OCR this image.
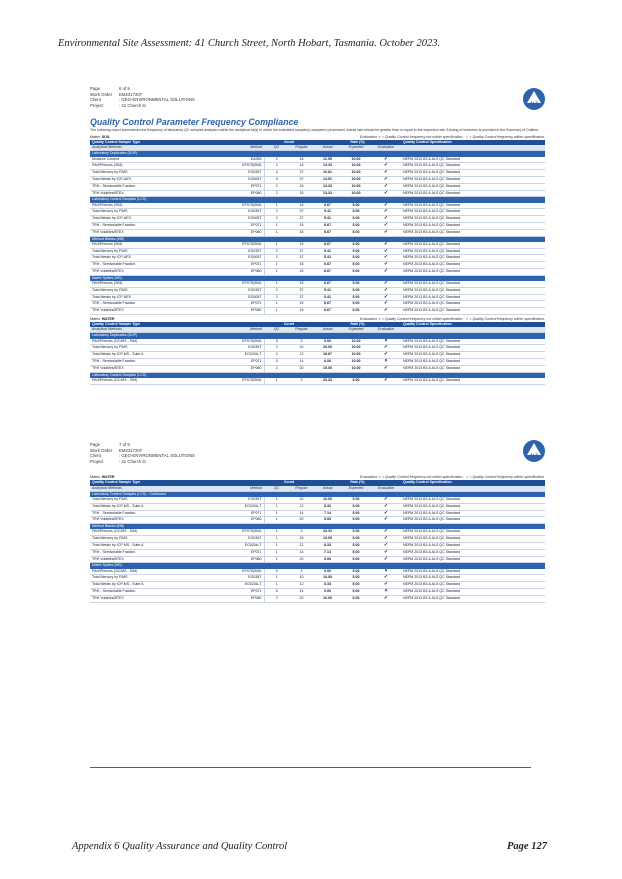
Environmental Site Assessment: 41 Church Street, North Hobart, Tasmania. October 2023.
ALS
Page	6 of 9
Work Order	EM2317207
Client	: GEO-ENVIRONMENTAL SOLUTIONS
Project	: 41 Church st
Quality Control Parameter Frequency Compliance
The following report summarises the frequency of laboratory QC samples analysed within the analytical lot(s) in which the submitted sample(s) was(were) processed. Actual rate should be greater than or equal to the expected rate. A listing of breaches is provided in the Summary of Outliers.
Matrix: SOIL	Evaluation: × = Quality Control frequency not within specification ; ✓ = Quality Control frequency within specification.
Quality Control Sample Type		Count		Rate (%)			Quality Control Specification
Analytical Methods	Method	QC	Regular	Actual	Expected	Evaluation	
Laboratory Duplicates (DUP)							
Moisture Content	EA055	2	16	12.50	10.00	✓	NEPM 2013 B3 & ALS QC Standard
PAH/Phenols (SIM)	EP075(SIM)	2	15	13.33	10.00	✓	NEPM 2013 B3 & ALS QC Standard
Total Mercury by FIMS	EG035T	4	37	10.81	10.00	✓	NEPM 2013 B3 & ALS QC Standard
Total Metals by ICP-AES	EG005T	5	37	13.51	10.00	✓	NEPM 2013 B3 & ALS QC Standard
TRH - Semivolatile Fraction	EP071	2	15	13.33	10.00	✓	NEPM 2013 B3 & ALS QC Standard
TRH Volatiles/BTEX	EP080	2	15	13.33	10.00	✓	NEPM 2013 B3 & ALS QC Standard
Laboratory Control Samples (LCS)							
PAH/Phenols (SIM)	EP075(SIM)	1	15	6.67	5.00	✓	NEPM 2013 B3 & ALS QC Standard
Total Mercury by FIMS	EG035T	2	37	5.41	5.00	✓	NEPM 2013 B3 & ALS QC Standard
Total Metals by ICP-AES	EG005T	2	37	5.41	5.00	✓	NEPM 2013 B3 & ALS QC Standard
TRH - Semivolatile Fraction	EP071	1	15	6.67	5.00	✓	NEPM 2013 B3 & ALS QC Standard
TRH Volatiles/BTEX	EP080	1	15	6.67	5.00	✓	NEPM 2013 B3 & ALS QC Standard
Method Blanks (MB)							
PAH/Phenols (SIM)	EP075(SIM)	1	15	6.67	5.00	✓	NEPM 2013 B3 & ALS QC Standard
Total Mercury by FIMS	EG035T	2	37	5.41	5.00	✓	NEPM 2013 B3 & ALS QC Standard
Total Metals by ICP-AES	EG005T	2	37	5.41	5.00	✓	NEPM 2013 B3 & ALS QC Standard
TRH - Semivolatile Fraction	EP071	1	15	6.67	5.00	✓	NEPM 2013 B3 & ALS QC Standard
TRH Volatiles/BTEX	EP080	1	15	6.67	5.00	✓	NEPM 2013 B3 & ALS QC Standard
Matrix Spikes (MS)							
PAH/Phenols (SIM)	EP075(SIM)	1	15	6.67	5.00	✓	NEPM 2013 B3 & ALS QC Standard
Total Mercury by FIMS	EG035T	2	37	5.41	5.00	✓	NEPM 2013 B3 & ALS QC Standard
Total Metals by ICP-AES	EG005T	2	37	5.41	5.00	✓	NEPM 2013 B3 & ALS QC Standard
TRH - Semivolatile Fraction	EP071	1	15	6.67	5.00	✓	NEPM 2013 B3 & ALS QC Standard
TRH Volatiles/BTEX	EP080	1	15	6.67	5.00	✓	NEPM 2013 B3 & ALS QC Standard
Matrix: WATER	Evaluation: × = Quality Control frequency not within specification ; ✓ = Quality Control frequency within specification.
Quality Control Sample Type		Count		Rate (%)			Quality Control Specification
Analytical Methods	Method	QC	Regular	Actual	Expected	Evaluation	
Laboratory Duplicates (DUP)							
PAH/Phenols (GC/MS - SIM)	EP075(SIM)	0	3	0.00	10.00	×	NEPM 2013 B3 & ALS QC Standard
Total Mercury by FIMS	EG035T	2	10	20.00	10.00	✓	NEPM 2013 B3 & ALS QC Standard
Total Metals by ICP-MS - Suite A	EG020A-T	2	12	16.67	10.00	✓	NEPM 2013 B3 & ALS QC Standard
TRH - Semivolatile Fraction	EP071	0	14	0.00	10.00	×	NEPM 2013 B3 & ALS QC Standard
TRH Volatiles/BTEX	EP080	2	20	10.00	10.00	✓	NEPM 2013 B3 & ALS QC Standard
Laboratory Control Samples (LCS)							
PAH/Phenols (GC/MS - SIM)	EP075(SIM)	1	3	33.33	5.00	✓	NEPM 2013 B3 & ALS QC Standard
ALS
Page	7 of 9
Work Order	EM2317207
Client	: GEO-ENVIRONMENTAL SOLUTIONS
Project	: 41 Church st
Matrix: WATER	Evaluation: × = Quality Control frequency not within specification ; ✓ = Quality Control frequency within specification.
Quality Control Sample Type		Count		Rate (%)			Quality Control Specification
Analytical Methods	Method	QC	Regular	Actual	Expected	Evaluation	
Laboratory Control Samples (LCS) - Continued							
Total Mercury by FIMS	EG035T	1	10	10.00	5.00	✓	NEPM 2013 B3 & ALS QC Standard
Total Metals by ICP-MS - Suite A	EG020A-T	1	12	8.33	5.00	✓	NEPM 2013 B3 & ALS QC Standard
TRH - Semivolatile Fraction	EP071	1	14	7.14	5.00	✓	NEPM 2013 B3 & ALS QC Standard
TRH Volatiles/BTEX	EP080	1	20	5.00	5.00	✓	NEPM 2013 B3 & ALS QC Standard
Method Blanks (MB)							
PAH/Phenols (GC/MS - SIM)	EP075(SIM)	1	3	33.33	5.00	✓	NEPM 2013 B3 & ALS QC Standard
Total Mercury by FIMS	EG035T	1	10	10.00	5.00	✓	NEPM 2013 B3 & ALS QC Standard
Total Metals by ICP-MS - Suite A	EG020A-T	1	12	8.33	5.00	✓	NEPM 2013 B3 & ALS QC Standard
TRH - Semivolatile Fraction	EP071	1	14	7.14	5.00	✓	NEPM 2013 B3 & ALS QC Standard
TRH Volatiles/BTEX	EP080	1	20	5.00	5.00	✓	NEPM 2013 B3 & ALS QC Standard
Matrix Spikes (MS)							
PAH/Phenols (GC/MS - SIM)	EP075(SIM)	0	3	0.00	5.00	×	NEPM 2013 B3 & ALS QC Standard
Total Mercury by FIMS	EG035T	1	10	10.00	5.00	✓	NEPM 2013 B3 & ALS QC Standard
Total Metals by ICP-MS - Suite A	EG020A-T	1	12	8.33	5.00	✓	NEPM 2013 B3 & ALS QC Standard
TRH - Semivolatile Fraction	EP071	0	14	0.00	5.00	×	NEPM 2013 B3 & ALS QC Standard
TRH Volatiles/BTEX	EP080	2	20	10.00	5.00	✓	NEPM 2013 B3 & ALS QC Standard
Appendix 6 Quality Assurance and Quality Control	Page 127
